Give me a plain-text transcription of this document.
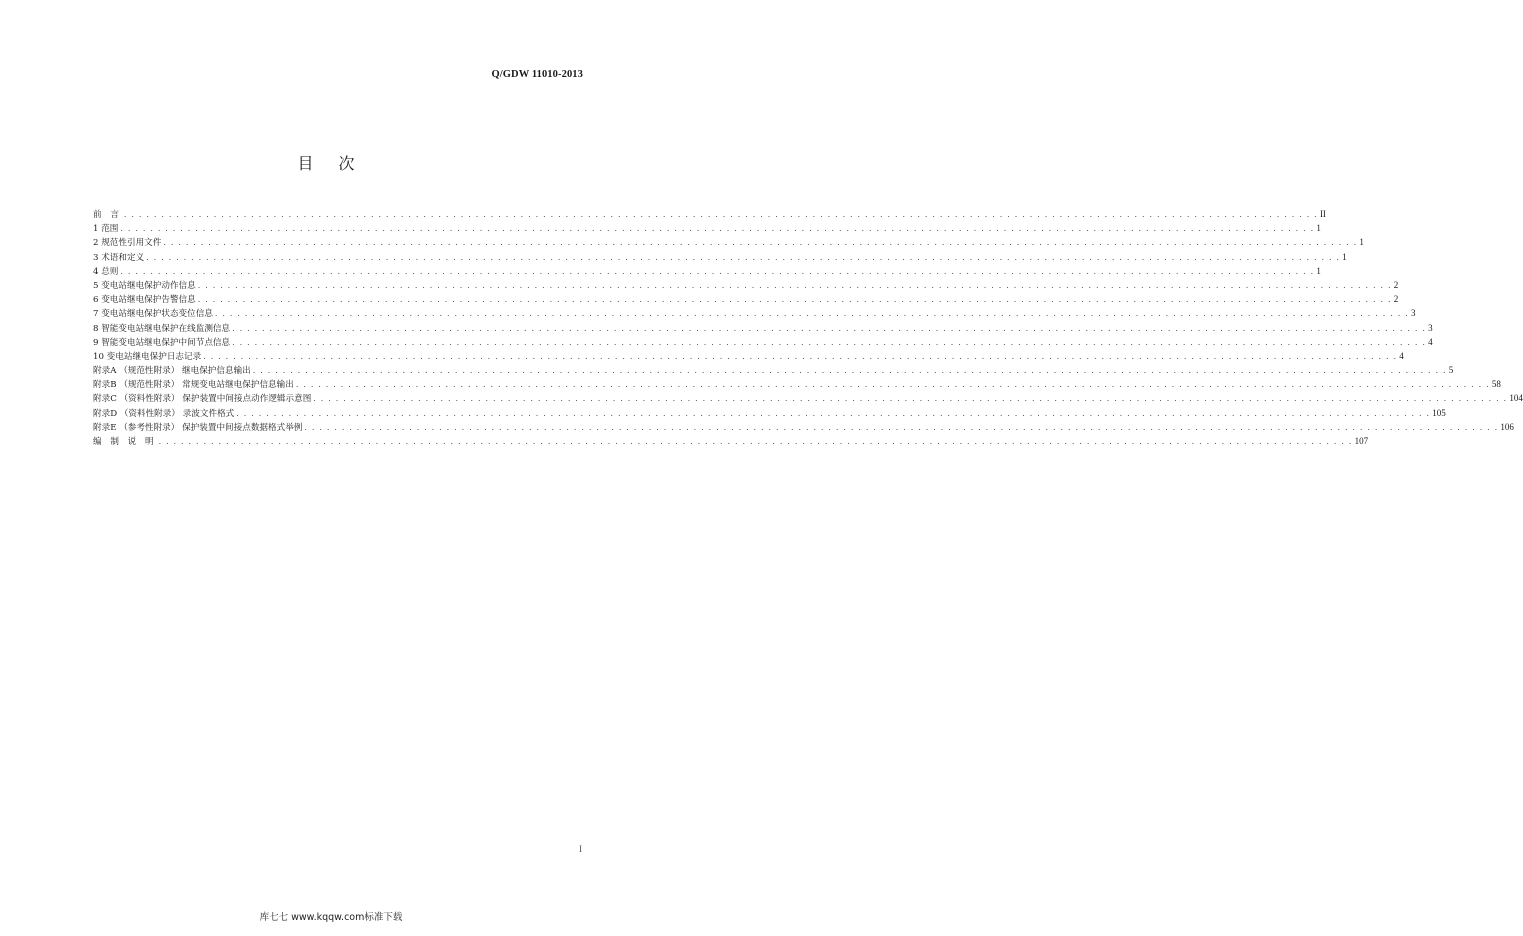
Q/GDW 11010-2013
目 次
前 言 . . . . . . . . . . . . . . . . . . . . . . . . . . . . . . . . . . . . . . . . . . . . . . . . . . . . . . . . . . . . . . . . . . . . . . . . . . . . . . . . . . . . . . . . . . . . . . . . . . . . . . . . . . . . . . . . . . . . . . . . . . . . . . . . . . . . . . . . . . . . . . . . . . . . . . . . . . . . . . . . II
1 范围 . . . . . . . . . . . . . . . . . . . . . . . . . . . . . . . . . . . . . . . . . . . . . . . . . . . . . . . . . . . . . . . . . . . . . . . . . . . . . . . . . . . . . . . . . . . . . . . . . . . . . . . . . . . . . . . . . . . . . . . . . . . . . . . . . . . . . . . . . . . . . . . . . . . . . . . . . . . . . . . . 1
2 规范性引用文件 . . . . . . . . . . . . . . . . . . . . . . . . . . . . . . . . . . . . . . . . . . . . . . . . . . . . . . . . . . . . . . . . . . . . . . . . . . . . . . . . . . . . . . . . . . . . . . . . . . . . . . . . . . . . . . . . . . . . . . . . . . . . . . . . . . . . . . . . . . . . . . . . . . . . . . . . . . . . . . . . 1
3 术语和定义 . . . . . . . . . . . . . . . . . . . . . . . . . . . . . . . . . . . . . . . . . . . . . . . . . . . . . . . . . . . . . . . . . . . . . . . . . . . . . . . . . . . . . . . . . . . . . . . . . . . . . . . . . . . . . . . . . . . . . . . . . . . . . . . . . . . . . . . . . . . . . . . . . . . . . . . . . . . . . . . . 1
4 总则 . . . . . . . . . . . . . . . . . . . . . . . . . . . . . . . . . . . . . . . . . . . . . . . . . . . . . . . . . . . . . . . . . . . . . . . . . . . . . . . . . . . . . . . . . . . . . . . . . . . . . . . . . . . . . . . . . . . . . . . . . . . . . . . . . . . . . . . . . . . . . . . . . . . . . . . . . . . . . . . . 1
5 变电站继电保护动作信息 . . . . . . . . . . . . . . . . . . . . . . . . . . . . . . . . . . . . . . . . . . . . . . . . . . . . . . . . . . . . . . . . . . . . . . . . . . . . . . . . . . . . . . . . . . . . . . . . . . . . . . . . . . . . . . . . . . . . . . . . . . . . . . . . . . . . . . . . . . . . . . . . . . . . . . . . . . . . . . . . 2
6 变电站继电保护告警信息 . . . . . . . . . . . . . . . . . . . . . . . . . . . . . . . . . . . . . . . . . . . . . . . . . . . . . . . . . . . . . . . . . . . . . . . . . . . . . . . . . . . . . . . . . . . . . . . . . . . . . . . . . . . . . . . . . . . . . . . . . . . . . . . . . . . . . . . . . . . . . . . . . . . . . . . . . . . . . . . . 2
7 变电站继电保护状态变位信息 . . . . . . . . . . . . . . . . . . . . . . . . . . . . . . . . . . . . . . . . . . . . . . . . . . . . . . . . . . . . . . . . . . . . . . . . . . . . . . . . . . . . . . . . . . . . . . . . . . . . . . . . . . . . . . . . . . . . . . . . . . . . . . . . . . . . . . . . . . . . . . . . . . . . . . . . . . . . . . . . 3
8 智能变电站继电保护在线监测信息 . . . . . . . . . . . . . . . . . . . . . . . . . . . . . . . . . . . . . . . . . . . . . . . . . . . . . . . . . . . . . . . . . . . . . . . . . . . . . . . . . . . . . . . . . . . . . . . . . . . . . . . . . . . . . . . . . . . . . . . . . . . . . . . . . . . . . . . . . . . . . . . . . . . . . . . . . . . . . . . . 3
9 智能变电站继电保护中间节点信息 . . . . . . . . . . . . . . . . . . . . . . . . . . . . . . . . . . . . . . . . . . . . . . . . . . . . . . . . . . . . . . . . . . . . . . . . . . . . . . . . . . . . . . . . . . . . . . . . . . . . . . . . . . . . . . . . . . . . . . . . . . . . . . . . . . . . . . . . . . . . . . . . . . . . . . . . . . . . . . . . 4
10 变电站继电保护日志记录 . . . . . . . . . . . . . . . . . . . . . . . . . . . . . . . . . . . . . . . . . . . . . . . . . . . . . . . . . . . . . . . . . . . . . . . . . . . . . . . . . . . . . . . . . . . . . . . . . . . . . . . . . . . . . . . . . . . . . . . . . . . . . . . . . . . . . . . . . . . . . . . . . . . . . . . . . . . . . . . . 4
附录A （规范性附录） 继电保护信息输出 . . . . . . . . . . . . . . . . . . . . . . . . . . . . . . . . . . . . . . . . . . . . . . . . . . . . . . . . . . . . . . . . . . . . . . . . . . . . . . . . . . . . . . . . . . . . . . . . . . . . . . . . . . . . . . . . . . . . . . . . . . . . . . . . . . . . . . . . . . . . . . . . . . . . . . . . . . . . . . . . 5
附录B （规范性附录） 常规变电站继电保护信息输出 . . . . . . . . . . . . . . . . . . . . . . . . . . . . . . . . . . . . . . . . . . . . . . . . . . . . . . . . . . . . . . . . . . . . . . . . . . . . . . . . . . . . . . . . . . . . . . . . . . . . . . . . . . . . . . . . . . . . . . . . . . . . . . . . . . . . . . . . . . . . . . . . . . . . . . . . . . . . . . . . 58
附录C （资料性附录） 保护装置中间接点动作逻辑示意图 . . . . . . . . . . . . . . . . . . . . . . . . . . . . . . . . . . . . . . . . . . . . . . . . . . . . . . . . . . . . . . . . . . . . . . . . . . . . . . . . . . . . . . . . . . . . . . . . . . . . . . . . . . . . . . . . . . . . . . . . . . . . . . . . . . . . . . . . . . . . . . . . . . . . . . . . . . . . . . . . 104
附录D （资料性附录） 录波文件格式 . . . . . . . . . . . . . . . . . . . . . . . . . . . . . . . . . . . . . . . . . . . . . . . . . . . . . . . . . . . . . . . . . . . . . . . . . . . . . . . . . . . . . . . . . . . . . . . . . . . . . . . . . . . . . . . . . . . . . . . . . . . . . . . . . . . . . . . . . . . . . . . . . . . . . . . . . . . . . . . . 105
附录E （参考性附录） 保护装置中间接点数据格式举例 . . . . . . . . . . . . . . . . . . . . . . . . . . . . . . . . . . . . . . . . . . . . . . . . . . . . . . . . . . . . . . . . . . . . . . . . . . . . . . . . . . . . . . . . . . . . . . . . . . . . . . . . . . . . . . . . . . . . . . . . . . . . . . . . . . . . . . . . . . . . . . . . . . . . . . . . . . . . . . . . 106
编 制 说 明 . . . . . . . . . . . . . . . . . . . . . . . . . . . . . . . . . . . . . . . . . . . . . . . . . . . . . . . . . . . . . . . . . . . . . . . . . . . . . . . . . . . . . . . . . . . . . . . . . . . . . . . . . . . . . . . . . . . . . . . . . . . . . . . . . . . . . . . . . . . . . . . . . . . . . . . . . . . . . . . . 107
I
库七七 www.kqqw.com标准下载
